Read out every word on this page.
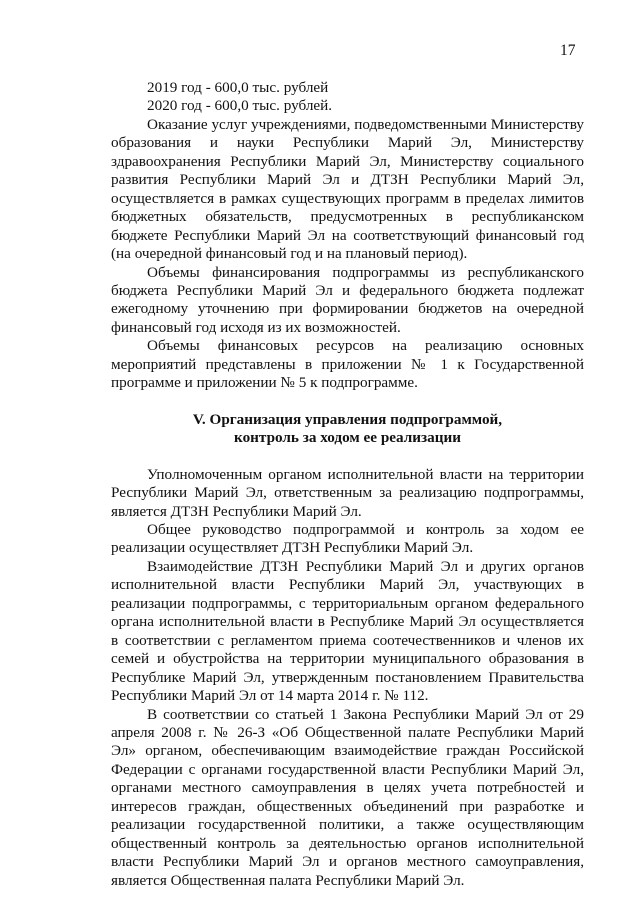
17

2019 год - 600,0 тыс. рублей

2020 год - 600,0 тыс. рублей.

Оказание услуг учреждениями, подведомственными Министерству образования и науки Республики Марий Эл, Министерству здравоохранения Республики Марий Эл, Министерству социального развития Республики Марий Эл и ДТЗН Республики Марий Эл, осуществляется в рамках существующих программ в пределах лимитов бюджетных обязательств, предусмотренных в республиканском бюджете Республики Марий Эл на соответствующий финансовый год (на очередной финансовый год и на плановый период).

Объемы финансирования подпрограммы из республиканского бюджета Республики Марий Эл и федерального бюджета подлежат ежегодному уточнению при формировании бюджетов на очередной финансовый год исходя из их возможностей.

Объемы финансовых ресурсов на реализацию основных мероприятий представлены в приложении № 1 к Государственной программе и приложении № 5 к подпрограмме.

V. Организация управления подпрограммой,
контроль за ходом ее реализации

Уполномоченным органом исполнительной власти на территории Республики Марий Эл, ответственным за реализацию подпрограммы, является ДТЗН Республики Марий Эл.

Общее руководство подпрограммой и контроль за ходом ее реализации осуществляет ДТЗН Республики Марий Эл.

Взаимодействие ДТЗН Республики Марий Эл и других органов исполнительной власти Республики Марий Эл, участвующих в реализации подпрограммы, с территориальным органом федерального органа исполнительной власти в Республике Марий Эл осуществляется в соответствии с регламентом приема соотечественников и членов их семей и обустройства на территории муниципального образования в Республике Марий Эл, утвержденным постановлением Правительства Республики Марий Эл от 14 марта 2014 г. № 112.

В соответствии со статьей 1 Закона Республики Марий Эл от 29 апреля 2008 г. № 26-З «Об Общественной палате Республики Марий Эл» органом, обеспечивающим взаимодействие граждан Российской Федерации с органами государственной власти Республики Марий Эл, органами местного самоуправления в целях учета потребностей и интересов граждан, общественных объединений при разработке и реализации государственной политики, а также осуществляющим общественный контроль за деятельностью органов исполнительной власти Республики Марий Эл и органов местного самоуправления, является Общественная палата Республики Марий Эл.
